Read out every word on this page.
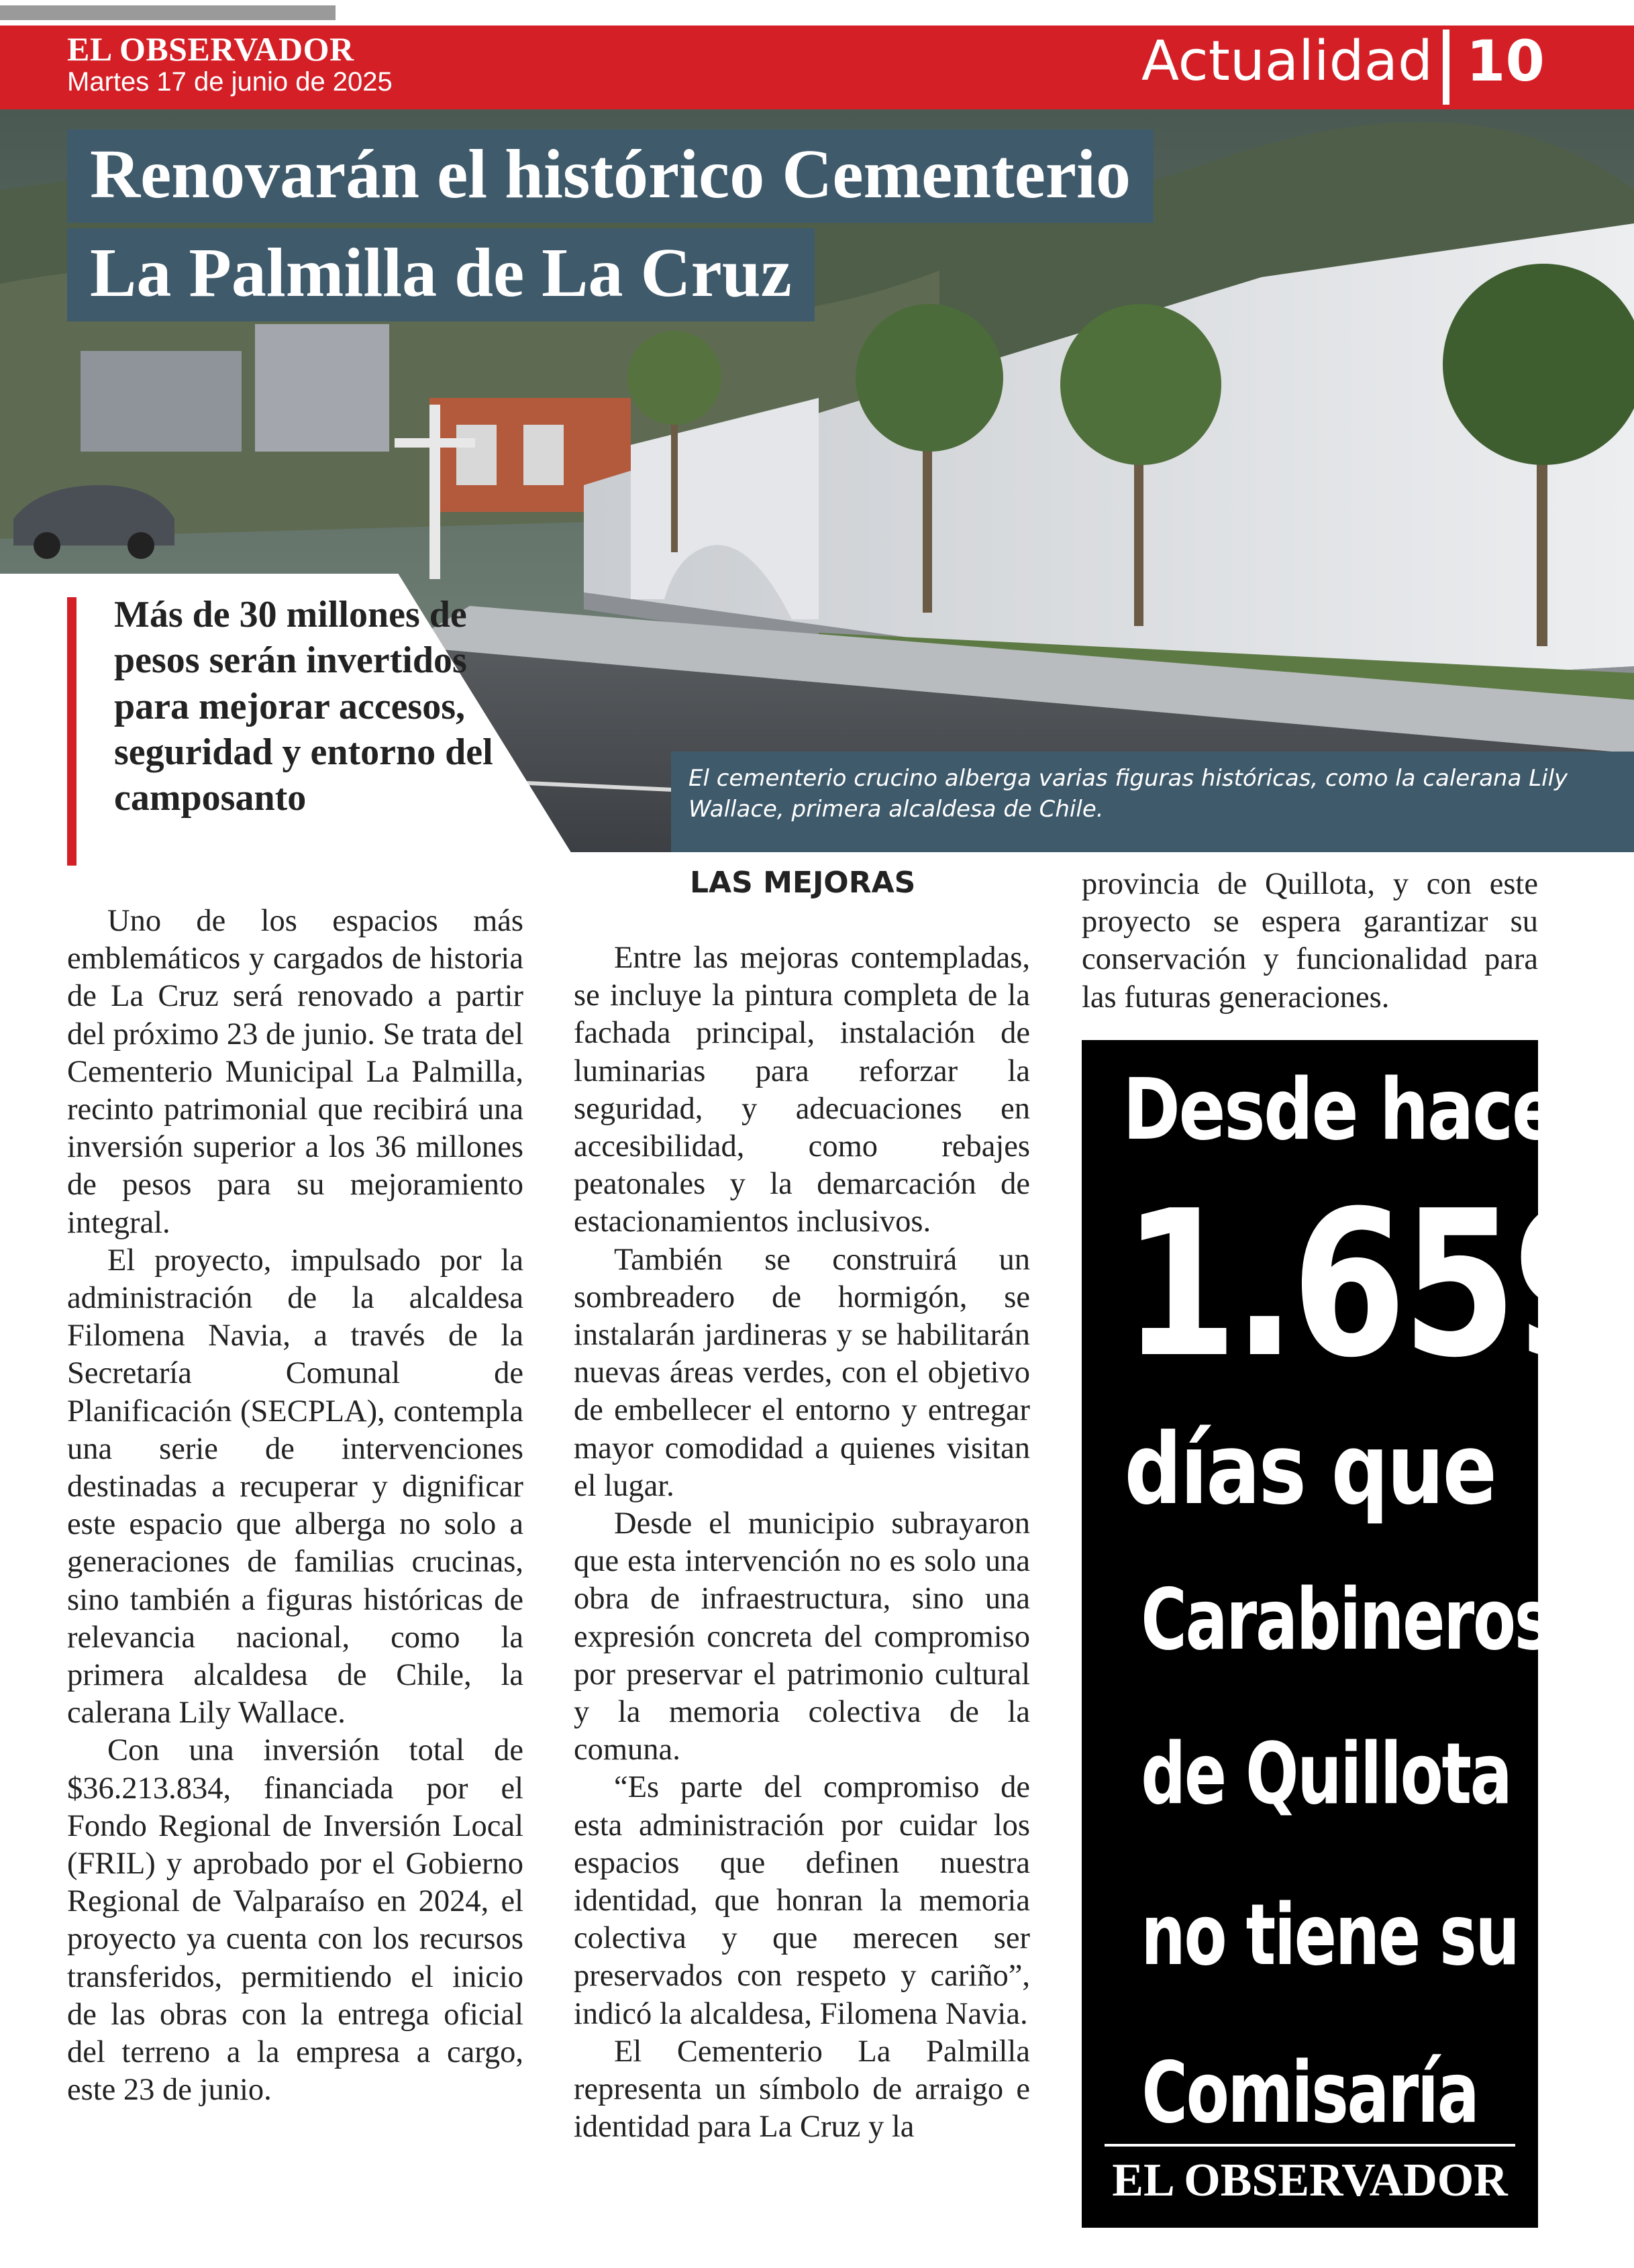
EL OBSERVADOR
Martes 17 de junio de 2025	Actualidad 10
Renovarán el histórico Cementerio
La Palmilla de La Cruz
El cementerio crucino alberga varias figuras históricas, como la calerana Lily Wallace, primera alcaldesa de Chile.
Más de 30 millones de pesos serán invertidos para mejorar accesos, seguridad y entorno del camposanto

Uno de los espacios más emblemáticos y cargados de historia de La Cruz será renovado a partir del próximo 23 de junio. Se trata del Cementerio Municipal La Palmilla, recinto patrimonial que recibirá una inversión superior a los 36 millones de pesos para su mejoramiento integral.

El proyecto, impulsado por la administración de la alcaldesa Filomena Navia, a través de la Secretaría Comunal de Planificación (SECPLA), contempla una serie de intervenciones destinadas a recuperar y dignificar este espacio que alberga no solo a generaciones de familias crucinas, sino también a figuras históricas de relevancia nacional, como la primera alcaldesa de Chile, la calerana Lily Wallace.

Con una inversión total de $36.213.834, financiada por el Fondo Regional de Inversión Local (FRIL) y aprobado por el Gobierno Regional de Valparaíso en 2024, el proyecto ya cuenta con los recursos transferidos, permitiendo el inicio de las obras con la entrega oficial del terreno a la empresa a cargo, este 23 de junio.

LAS MEJORAS

Entre las mejoras contempladas, se incluye la pintura completa de la fachada principal, instalación de luminarias para reforzar la seguridad, y adecuaciones en accesibilidad, como rebajes peatonales y la demarcación de estacionamientos inclusivos.

También se construirá un sombreadero de hormigón, se instalarán jardineras y se habilitarán nuevas áreas verdes, con el objetivo de embellecer el entorno y entregar mayor comodidad a quienes visitan el lugar.

Desde el municipio subrayaron que esta intervención no es solo una obra de infraestructura, sino una expresión concreta del compromiso por preservar el patrimonio cultural y la memoria colectiva de la comuna.

“Es parte del compromiso de esta administración por cuidar los espacios que definen nuestra identidad, que honran la memoria colectiva y que merecen ser preservados con respeto y cariño”, indicó la alcaldesa, Filomena Navia.

El Cementerio La Palmilla representa un símbolo de arraigo e identidad para La Cruz y la

provincia de Quillota, y con este proyecto se espera garantizar su conservación y funcionalidad para las futuras generaciones.

Desde hace
1.659
días que
Carabineros
de Quillota
no tiene su
Comisaría
EL OBSERVADOR
